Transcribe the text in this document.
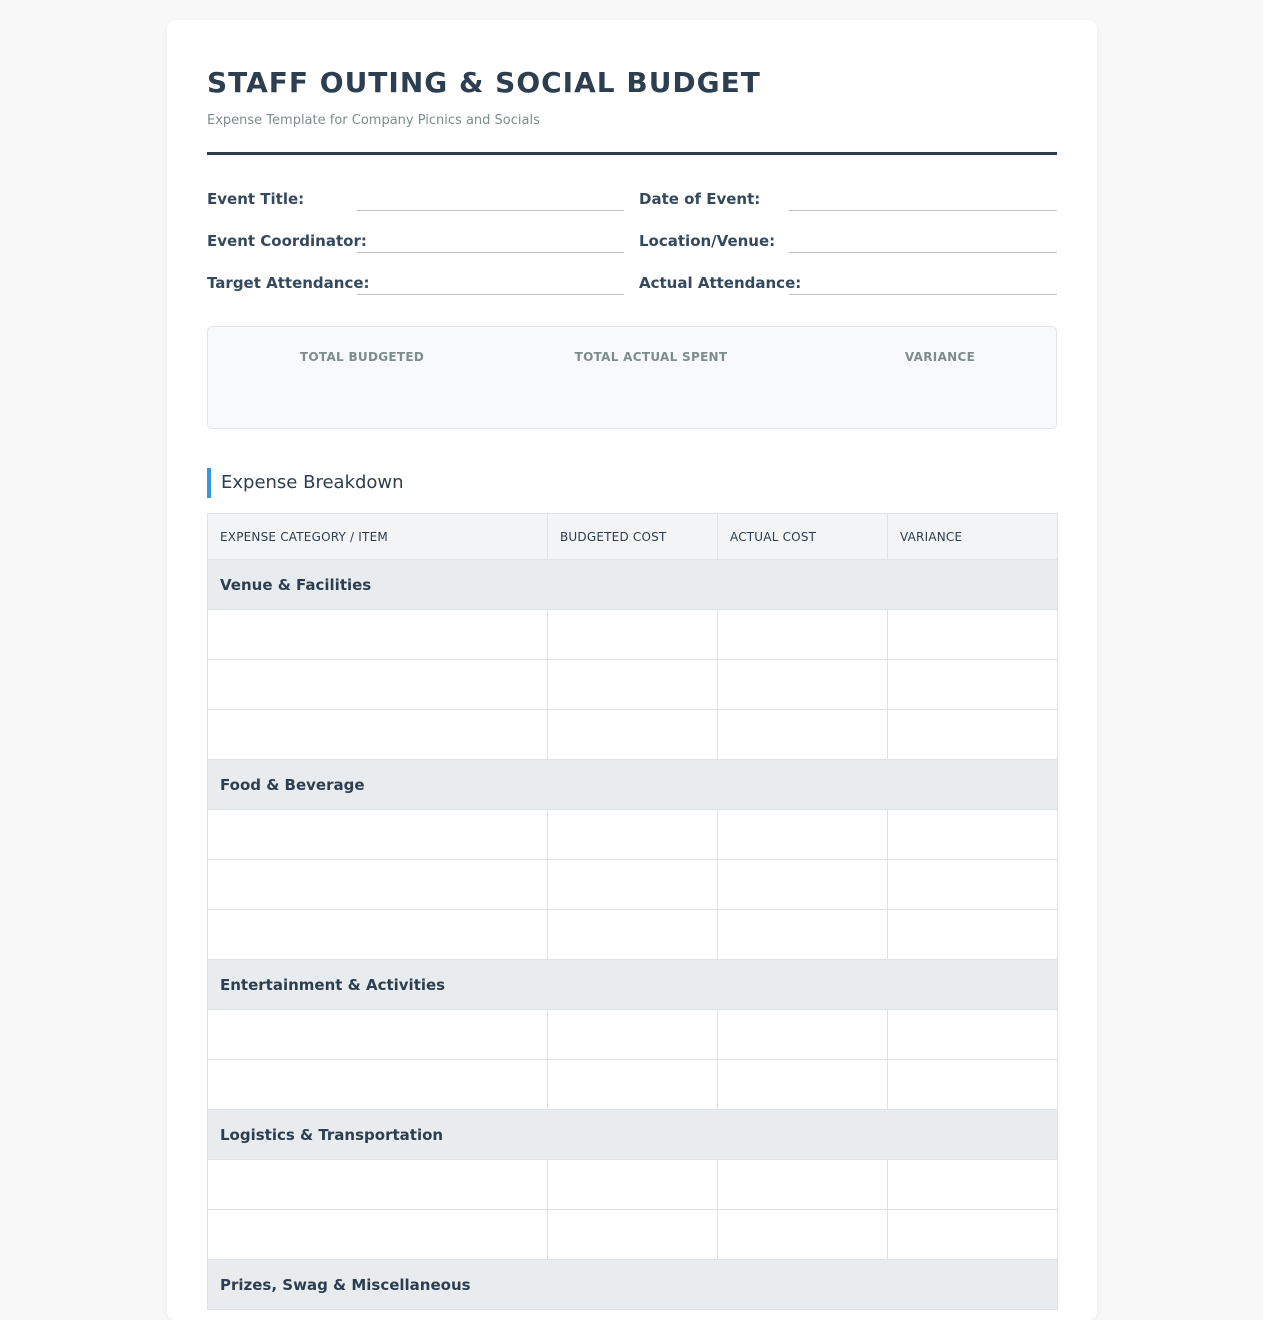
STAFF OUTING & SOCIAL BUDGET
Expense Template for Company Picnics and Socials
Event Title:	Date of Event:
Event Coordinator:	Location/Venue:
Target Attendance:	Actual Attendance:
TOTAL BUDGETED	TOTAL ACTUAL SPENT	VARIANCE
Expense Breakdown
EXPENSE CATEGORY / ITEM	BUDGETED COST	ACTUAL COST	VARIANCE
Venue & Facilities			

Food & Beverage			

Entertainment & Activities			

Logistics & Transportation			

Prizes, Swag & Miscellaneous			
